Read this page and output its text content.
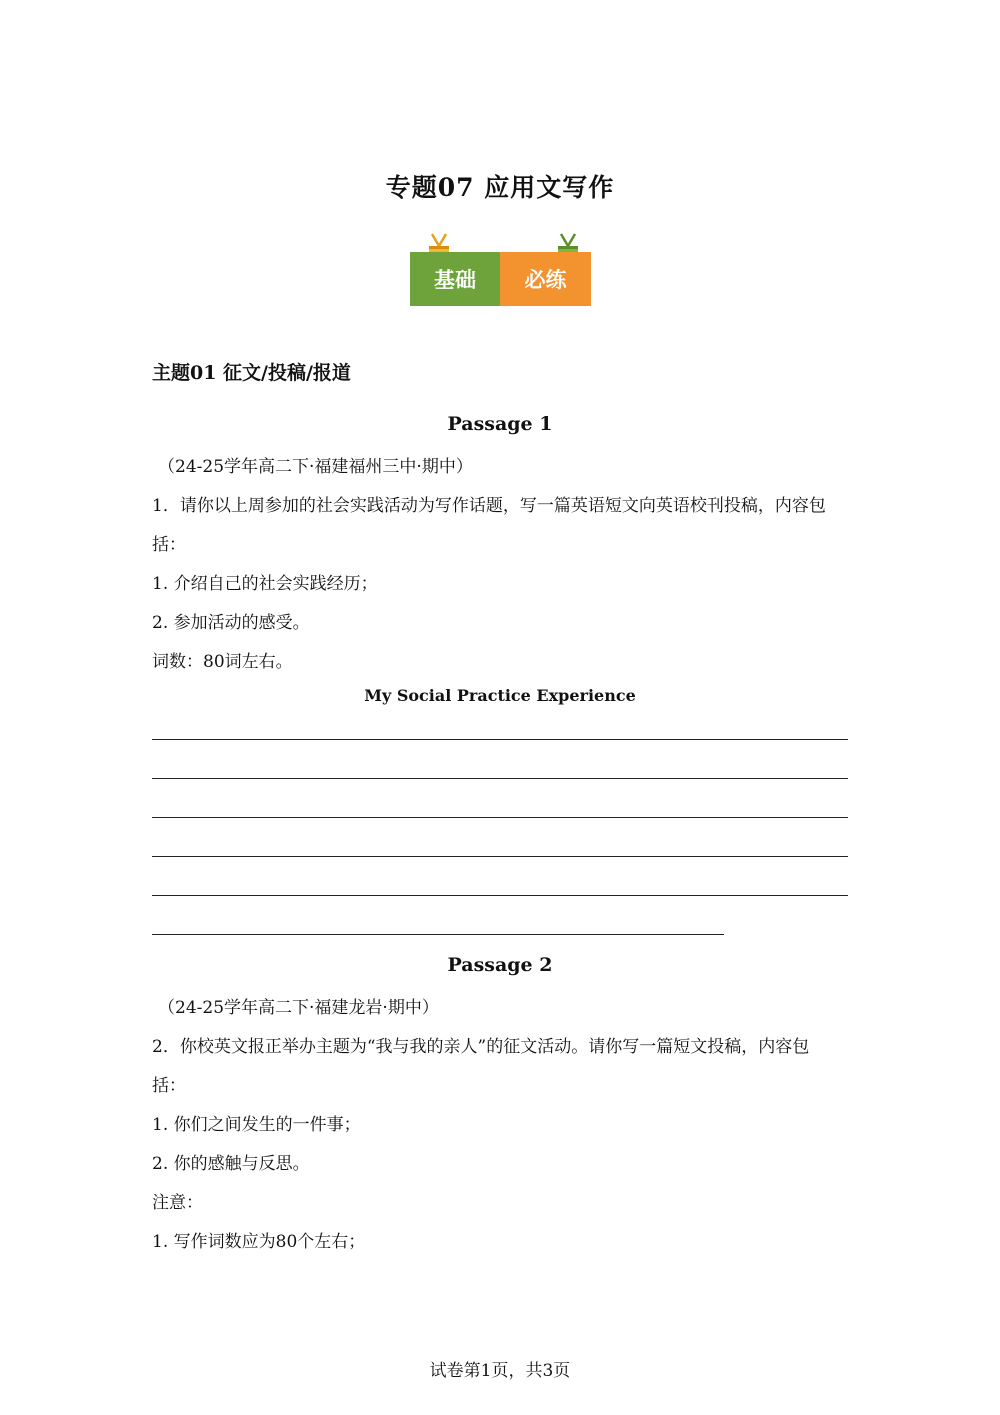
专题07 应用文写作
基础	必练
主题01 征文/投稿/报道
Passage 1
（24-25学年高二下·福建福州三中·期中）
1．请你以上周参加的社会实践活动为写作话题，写一篇英语短文向英语校刊投稿，内容包
括：
1. 介绍自己的社会实践经历；
2. 参加活动的感受。
词数：80词左右。
My Social Practice Experience
Passage 2
（24-25学年高二下·福建龙岩·期中）
2．你校英文报正举办主题为“我与我的亲人”的征文活动。请你写一篇短文投稿，内容包
括：
1. 你们之间发生的一件事；
2. 你的感触与反思。
注意：
1. 写作词数应为80个左右；
试卷第1页，共3页
